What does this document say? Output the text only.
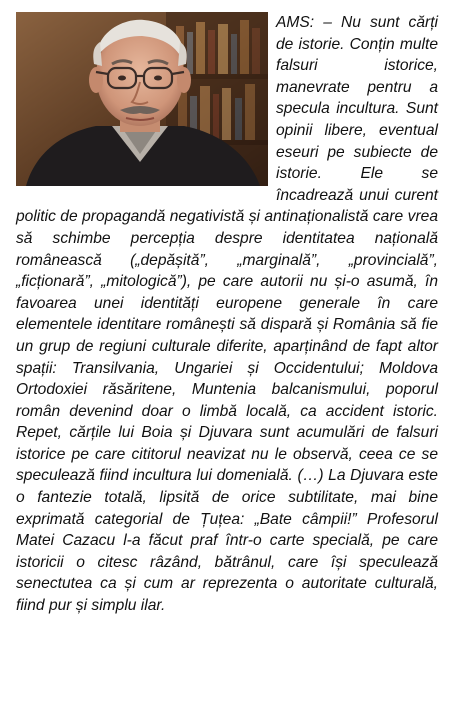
AMS: – Nu sunt cărți de istorie. Conțin multe falsuri istorice, manevrate pentru a specula incultura. Sunt opinii libere, eventual eseuri pe subiecte de istorie. Ele se încadrează unui curent politic de propagandă negativistă și antinaționalistă care vrea să schimbe percepția despre identitatea națională românească („depășită”, „marginală”, „provincială”, „ficționară”, „mitologică”), pe care autorii nu și-o asumă, în favoarea unei identități europene generale în care elementele identitare românești să dispară și România să fie un grup de regiuni culturale diferite, aparținând de fapt altor spații: Transilvania, Ungariei și Occidentului; Moldova Ortodoxiei răsăritene, Muntenia balcanismului, poporul român devenind doar o limbă locală, ca accident istoric. Repet, cărțile lui Boia și Djuvara sunt acumulări de falsuri istorice pe care cititorul neavizat nu le observă, ceea ce se speculează fiind incultura lui domenială. (…) La Djuvara este o fantezie totală, lipsită de orice subtilitate, mai bine exprimată categorial de Țuțea: „Bate câmpii!” Profesorul Matei Cazacu l-a făcut praf într-o carte specială, pe care istoricii o citesc râzând, bătrânul, care își speculează senectutea ca și cum ar reprezenta o autoritate culturală, fiind pur și simplu ilar.
